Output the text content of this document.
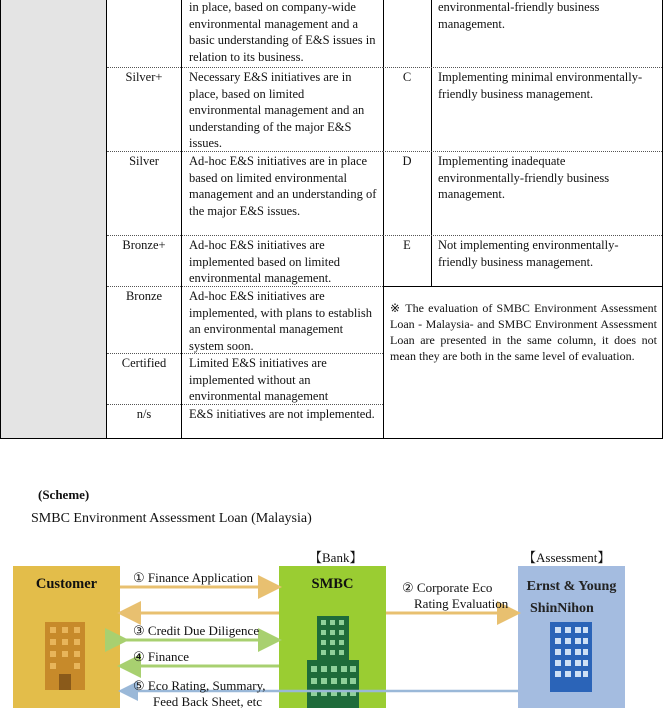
in place, based on company-wide environmental management and a basic understanding of E&S issues in relation to its business.
Silver+	Necessary E&S initiatives are in place, based on limited environmental management and an understanding of the major E&S issues.
Silver	Ad-hoc E&S initiatives are in place based on limited environmental management and an understanding of the major E&S issues.
Bronze+	Ad-hoc E&S initiatives are implemented based on limited environmental management.
Bronze	Ad-hoc E&S initiatives are implemented, with plans to establish an environmental management system soon.
Certified	Limited E&S initiatives are implemented without an environmental management
n/s	E&S initiatives are not implemented.
environmental-friendly business management.
C	Implementing minimal environmentally-friendly business management.
D	Implementing inadequate environmentally-friendly business management.
E	Not implementing environmentally-friendly business management.
※ The evaluation of SMBC Environment Assessment Loan - Malaysia- and SMBC Environment Assessment Loan are presented in the same column, it does not mean they are both in the same level of evaluation.
(Scheme)
SMBC Environment Assessment Loan (Malaysia)
【Bank】	【Assessment】
Customer	SMBC	Ernst & Young
ShinNihon
① Finance Application
② Corporate Eco
Rating Evaluation
③ Credit Due Diligence
④ Finance
⑤ Eco Rating, Summary,
Feed Back Sheet, etc
